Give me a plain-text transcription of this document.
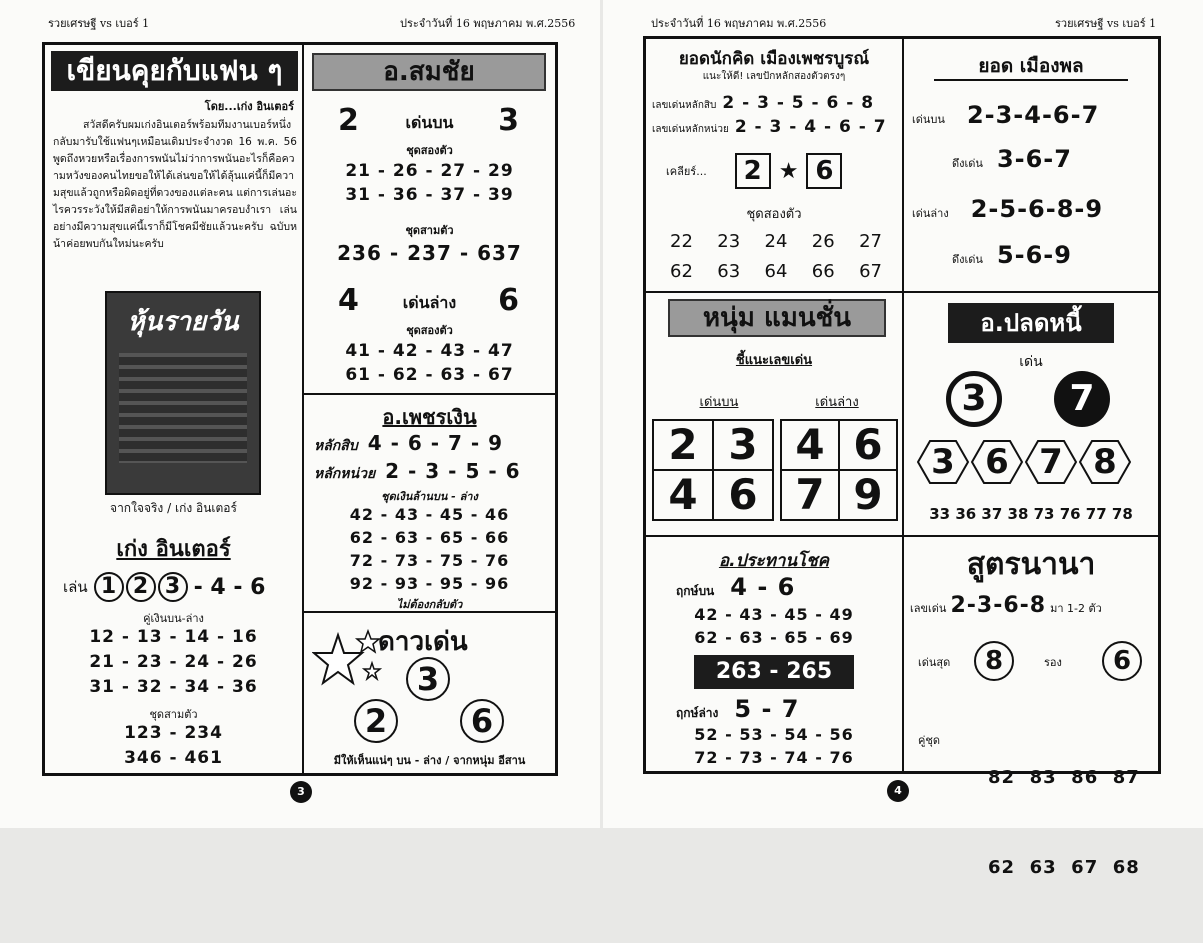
รวยเศรษฐี vs เบอร์ 1	ประจำวันที่ 16 พฤษภาคม พ.ศ.2556
เขียนคุยกับแฟน ๆ
โดย...เก่ง อินเตอร์
สวัสดีครับผมเก่งอินเตอร์พร้อมทีมงานเบอร์หนึ่งกลับมารับใช้แฟนๆเหมือนเดิมประจำงวด 16 พ.ค. 56 พูดถึงหวยหรือเรื่องการพนันไม่ว่าการพนันอะไรก็คือความหวังของคนไทยขอให้ได้เล่นขอให้ได้ลุ้นแค่นี้ก็มีความสุขแล้วถูกหรือผิดอยู่ที่ดวงของแต่ละคน แต่การเล่นอะไรควรระวังให้มีสติอย่าให้การพนันมาครอบงำเรา เล่นอย่างมีความสุขแค่นี้เราก็มีโชคมีชัยแล้วนะครับ ฉบับหน้าค่อยพบกันใหม่นะครับ
หุ้นรายวัน
จากใจจริง / เก่ง อินเตอร์
เก่ง อินเตอร์
เล่น 1 2 3 - 4 - 6
คู่เงินบน-ล่าง
12 - 13 - 14 - 16
21 - 23 - 24 - 26
31 - 32 - 34 - 36
ชุดสามตัว
123 - 234
346 - 461
อ.สมชัย
2	เด่นบน	3
ชุดสองตัว
21 - 26 - 27 - 29
31 - 36 - 37 - 39
ชุดสามตัว
236 - 237 - 637
4	เด่นล่าง	6
ชุดสองตัว
41 - 42 - 43 - 47
61 - 62 - 63 - 67
อ.เพชรเงิน
หลักสิบ 4 - 6 - 7 - 9
หลักหน่วย 2 - 3 - 5 - 6
ชุดเงินล้านบน - ล่าง
42 - 43 - 45 - 46
62 - 63 - 65 - 66
72 - 73 - 75 - 76
92 - 93 - 95 - 96
ไม่ต้องกลับตัว
ดาวเด่น
3
2	6
มีให้เห็นแน่ๆ บน - ล่าง / จากหนุ่ม อีสาน
3
ประจำวันที่ 16 พฤษภาคม พ.ศ.2556	รวยเศรษฐี vs เบอร์ 1
ยอดนักคิด เมืองเพชรบูรณ์
แนะให้ดี! เลขปักหลักสองตัวตรงๆ
เลขเด่นหลักสิบ 2 - 3 - 5 - 6 - 8
เลขเด่นหลักหน่วย 2 - 3 - 4 - 6 - 7
เคลียร์...	2 ★ 6
ชุดสองตัว
22 23 24 26 27
62 63 64 66 67
ยอด เมืองพล
เด่นบน 2-3-4-6-7
ดึงเด่น 3-6-7
เด่นล่าง 2-5-6-8-9
ดึงเด่น 5-6-9
หนุ่ม แมนชั่น
ชี้แนะเลขเด่น
เด่นบน	เด่นล่าง
2 3
4 6
4 6
7 9
อ.ปลดหนี้
เด่น
3	7
3 6 7 8
33 36 37 38 73 76 77 78
อ.ประทานโชค
ฤกษ์บน 4 - 6
42 - 43 - 45 - 49
62 - 63 - 65 - 69
263 - 265
ฤกษ์ล่าง 5 - 7
52 - 53 - 54 - 56
72 - 73 - 74 - 76
สูตรนานา
เลขเด่น 2-3-6-8 มา 1-2 ตัว
เด่นสุด	8	รอง	6
คู่ชุด

82  83  86  87

62  63  67  68

4
